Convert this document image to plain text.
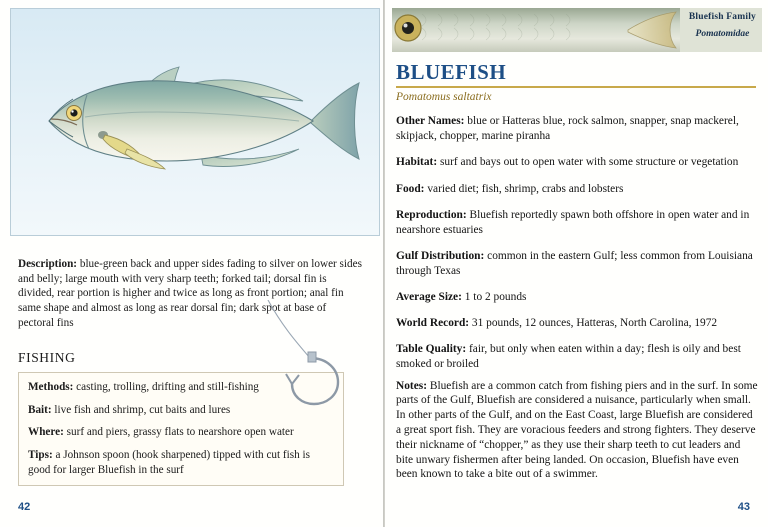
Description: blue-green back and upper sides fading to silver on lower sides and belly; large mouth with very sharp teeth; forked tail; dorsal fin is divided, rear portion is higher and twice as long as front portion; anal fin same shape and almost as long as rear dorsal fin; dark spot at base of pectoral fins

FISHING

Methods: casting, trolling, drifting and still-fishing

Bait: live fish and shrimp, cut baits and lures

Where: surf and piers, grassy flats to nearshore open water

Tips: a Johnson spoon (hook sharpened) tipped with cut fish is good for larger Bluefish in the surf

42
Bluefish Family
Pomatomidae
BLUEFISH
Pomatomus saltatrix

Other Names: blue or Hatteras blue, rock salmon, snapper, snap mackerel, skipjack, chopper, marine piranha

Habitat: surf and bays out to open water with some structure or vegetation

Food: varied diet; fish, shrimp, crabs and lobsters

Reproduction: Bluefish reportedly spawn both offshore in open water and in nearshore estuaries

Gulf Distribution: common in the eastern Gulf; less common from Louisiana through Texas

Average Size: 1 to 2 pounds

World Record: 31 pounds, 12 ounces, Hatteras, North Carolina, 1972

Table Quality: fair, but only when eaten within a day; flesh is oily and best smoked or broiled

Notes: Bluefish are a common catch from fishing piers and in the surf. In some parts of the Gulf, Bluefish are considered a nuisance, particularly when small. In other parts of the Gulf, and on the East Coast, large Bluefish are considered a great sport fish. They are voracious feeders and strong fighters. They deserve their nickname of “chopper,” as they use their sharp teeth to cut leaders and bite unwary fishermen after being landed. On occasion, Bluefish have even been known to take a bite out of a swimmer.

43
